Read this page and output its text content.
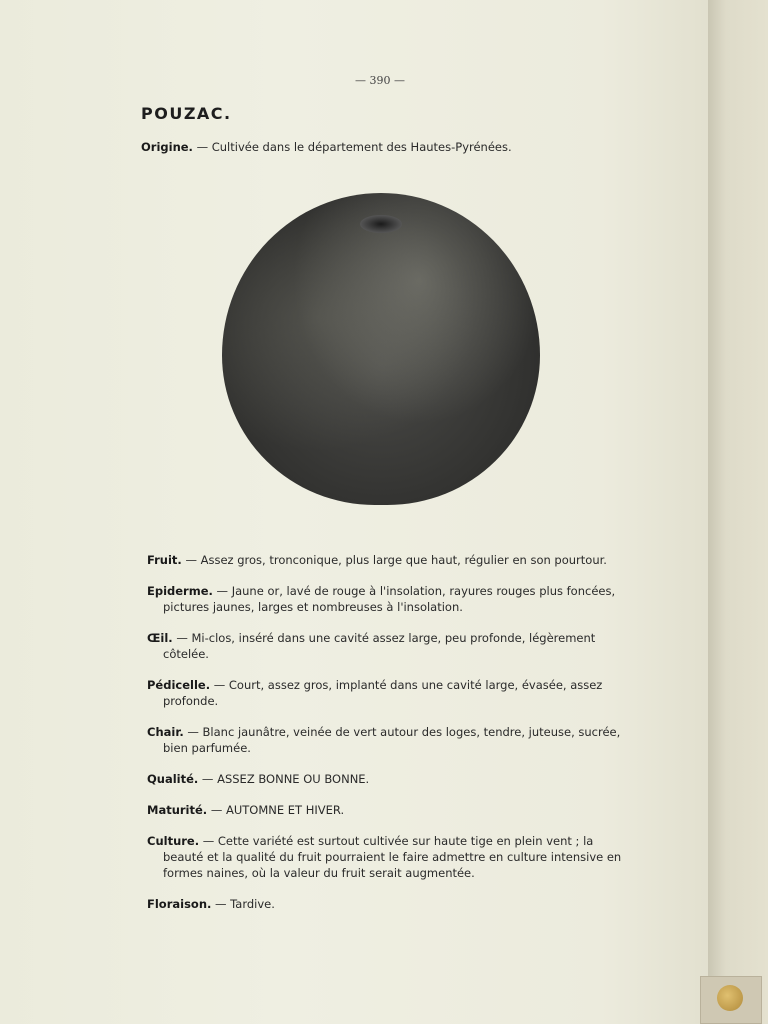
— 390 —
POUZAC.
Origine. — Cultivée dans le département des Hautes-Pyrénées.
Fruit. — Assez gros, tronconique, plus large que haut, régulier en son pourtour.
Epiderme. — Jaune or, lavé de rouge à l'insolation, rayures rouges plus foncées, pictures jaunes, larges et nombreuses à l'insolation.
Œil. — Mi-clos, inséré dans une cavité assez large, peu profonde, légèrement côtelée.
Pédicelle. — Court, assez gros, implanté dans une cavité large, évasée, assez profonde.
Chair. — Blanc jaunâtre, veinée de vert autour des loges, tendre, juteuse, sucrée, bien parfumée.
Qualité. — ASSEZ BONNE OU BONNE.
Maturité. — AUTOMNE ET HIVER.
Culture. — Cette variété est surtout cultivée sur haute tige en plein vent ; la beauté et la qualité du fruit pourraient le faire admettre en culture intensive en formes naines, où la valeur du fruit serait augmentée.
Floraison. — Tardive.
